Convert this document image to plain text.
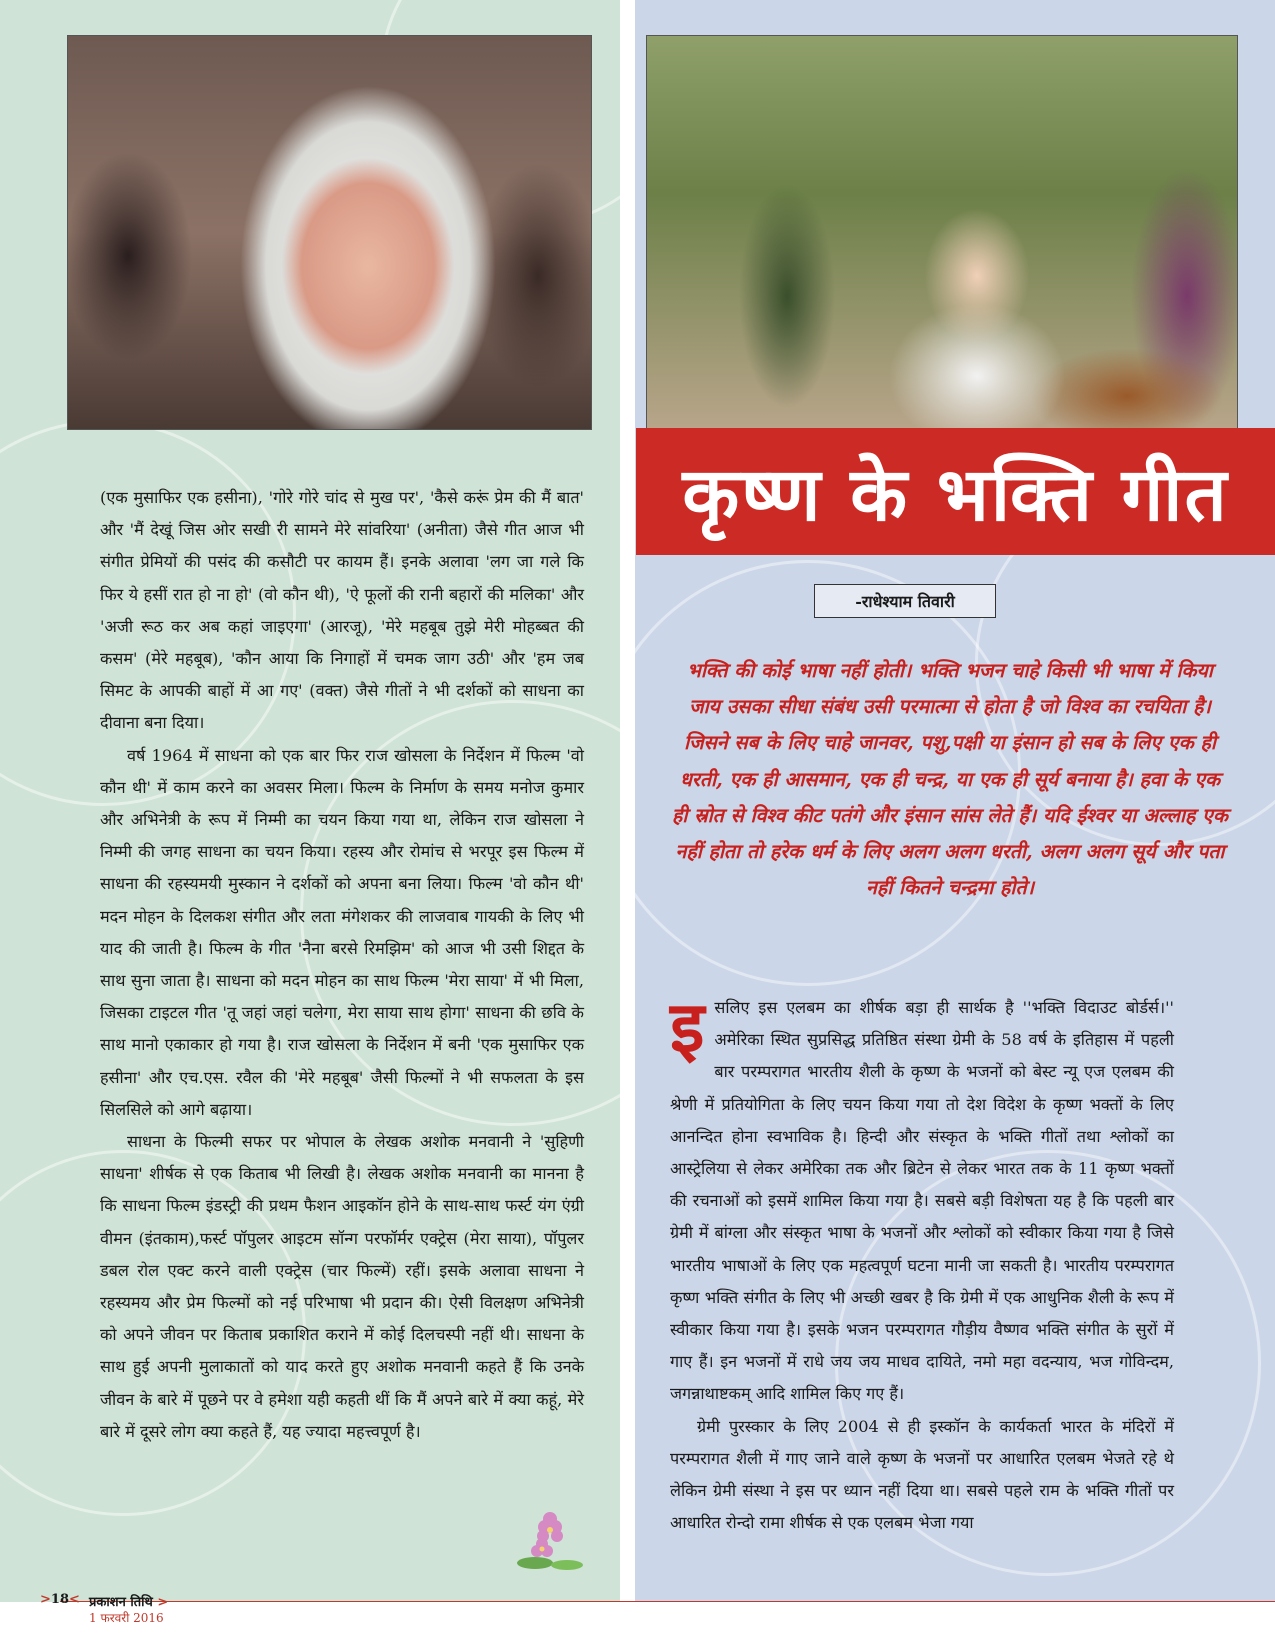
कृष्ण के भक्ति गीत
-राधेश्याम तिवारी

भक्ति की कोई भाषा नहीं होती। भक्ति भजन चाहे किसी भी भाषा में किया जाय उसका सीधा संबंध उसी परमात्मा से होता है जो विश्व का रचयिता है। जिसने सब के लिए चाहे जानवर, पशु,पक्षी या इंसान हो सब के लिए एक ही धरती, एक ही आसमान, एक ही चन्द्र, या एक ही सूर्य बनाया है। हवा के एक ही स्रोत से विश्व कीट पतंगे और इंसान सांस लेते हैं। यदि ईश्वर या अल्लाह एक नहीं होता तो हरेक धर्म के लिए अलग अलग धरती, अलग अलग सूर्य और पता नहीं कितने चन्द्रमा होते।

(एक मुसाफिर एक हसीना), 'गोरे गोरे चांद से मुख पर', 'कैसे करूं प्रेम की मैं बात' और 'मैं देखूं जिस ओर सखी री सामने मेरे सांवरिया' (अनीता) जैसे गीत आज भी संगीत प्रेमियों की पसंद की कसौटी पर कायम हैं। इनके अलावा 'लग जा गले कि फिर ये हसीं रात हो ना हो' (वो कौन थी), 'ऐ फूलों की रानी बहारों की मलिका' और 'अजी रूठ कर अब कहां जाइएगा' (आरजू), 'मेरे महबूब तुझे मेरी मोहब्बत की कसम' (मेरे महबूब), 'कौन आया कि निगाहों में चमक जाग उठी' और 'हम जब सिमट के आपकी बाहों में आ गए' (वक्त) जैसे गीतों ने भी दर्शकों को साधना का दीवाना बना दिया।

वर्ष 1964 में साधना को एक बार फिर राज खोसला के निर्देशन में फिल्म 'वो कौन थी' में काम करने का अवसर मिला। फिल्म के निर्माण के समय मनोज कुमार और अभिनेत्री के रूप में निम्मी का चयन किया गया था, लेकिन राज खोसला ने निम्मी की जगह साधना का चयन किया। रहस्य और रोमांच से भरपूर इस फिल्म में साधना की रहस्यमयी मुस्कान ने दर्शकों को अपना बना लिया। फिल्म 'वो कौन थी' मदन मोहन के दिलकश संगीत और लता मंगेशकर की लाजवाब गायकी के लिए भी याद की जाती है। फिल्म के गीत 'नैना बरसे रिमझिम' को आज भी उसी शिद्दत के साथ सुना जाता है। साधना को मदन मोहन का साथ फिल्म 'मेरा साया' में भी मिला, जिसका टाइटल गीत 'तू जहां जहां चलेगा, मेरा साया साथ होगा' साधना की छवि के साथ मानो एकाकार हो गया है। राज खोसला के निर्देशन में बनी 'एक मुसाफिर एक हसीना' और एच.एस. रवैल की 'मेरे महबूब' जैसी फिल्मों ने भी सफलता के इस सिलसिले को आगे बढ़ाया।

साधना के फिल्मी सफर पर भोपाल के लेखक अशोक मनवानी ने 'सुहिणी साधना' शीर्षक से एक किताब भी लिखी है। लेखक अशोक मनवानी का मानना है कि साधना फिल्म इंडस्ट्री की प्रथम फैशन आइकॉन होने के साथ-साथ फर्स्ट यंग एंग्री वीमन (इंतकाम),फर्स्ट पॉपुलर आइटम सॉन्ग परफॉर्मर एक्ट्रेस (मेरा साया), पॉपुलर डबल रोल एक्ट करने वाली एक्ट्रेस (चार फिल्में) रहीं। इसके अलावा साधना ने रहस्यमय और प्रेम फिल्मों को नई परिभाषा भी प्रदान की। ऐसी विलक्षण अभिनेत्री को अपने जीवन पर किताब प्रकाशित कराने में कोई दिलचस्पी नहीं थी। साधना के साथ हुई अपनी मुलाकातों को याद करते हुए अशोक मनवानी कहते हैं कि उनके जीवन के बारे में पूछने पर वे हमेशा यही कहती थीं कि मैं अपने बारे में क्या कहूं, मेरे बारे में दूसरे लोग क्या कहते हैं, यह ज्यादा महत्त्वपूर्ण है।

इसलिए इस एलबम का शीर्षक बड़ा ही सार्थक है ''भक्ति विदाउट बोर्डर्स।'' अमेरिका स्थित सुप्रसिद्ध प्रतिष्ठित संस्था ग्रेमी के 58 वर्ष के इतिहास में पहली बार परम्परागत भारतीय शैली के कृष्ण के भजनों को बेस्ट न्यू एज एलबम की श्रेणी में प्रतियोगिता के लिए चयन किया गया तो देश विदेश के कृष्ण भक्तों के लिए आनन्दित होना स्वभाविक है। हिन्दी और संस्कृत के भक्ति गीतों तथा श्लोकों का आस्ट्रेलिया से लेकर अमेरिका तक और ब्रिटेन से लेकर भारत तक के 11 कृष्ण भक्तों की रचनाओं को इसमें शामिल किया गया है। सबसे बड़ी विशेषता यह है कि पहली बार ग्रेमी में बांग्ला और संस्कृत भाषा के भजनों और श्लोकों को स्वीकार किया गया है जिसे भारतीय भाषाओं के लिए एक महत्वपूर्ण घटना मानी जा सकती है। भारतीय परम्परागत कृष्ण भक्ति संगीत के लिए भी अच्छी खबर है कि ग्रेमी में एक आधुनिक शैली के रूप में स्वीकार किया गया है। इसके भजन परम्परागत गौड़ीय वैष्णव भक्ति संगीत के सुरों में गाए हैं। इन भजनों में राधे जय जय माधव दायिते, नमो महा वदन्याय, भज गोविन्दम, जगन्नाथाष्टकम् आदि शामिल किए गए हैं।

ग्रेमी पुरस्कार के लिए 2004 से ही इस्कॉन के कार्यकर्ता भारत के मंदिरों में परम्परागत शैली में गाए जाने वाले कृष्ण के भजनों पर आधारित एलबम भेजते रहे थे लेकिन ग्रेमी संस्था ने इस पर ध्यान नहीं दिया था। सबसे पहले राम के भक्ति गीतों पर आधारित रोन्दो रामा शीर्षक से एक एलबम भेजा गया

>18< प्रकाशन तिथि >
1 फरवरी 2016
